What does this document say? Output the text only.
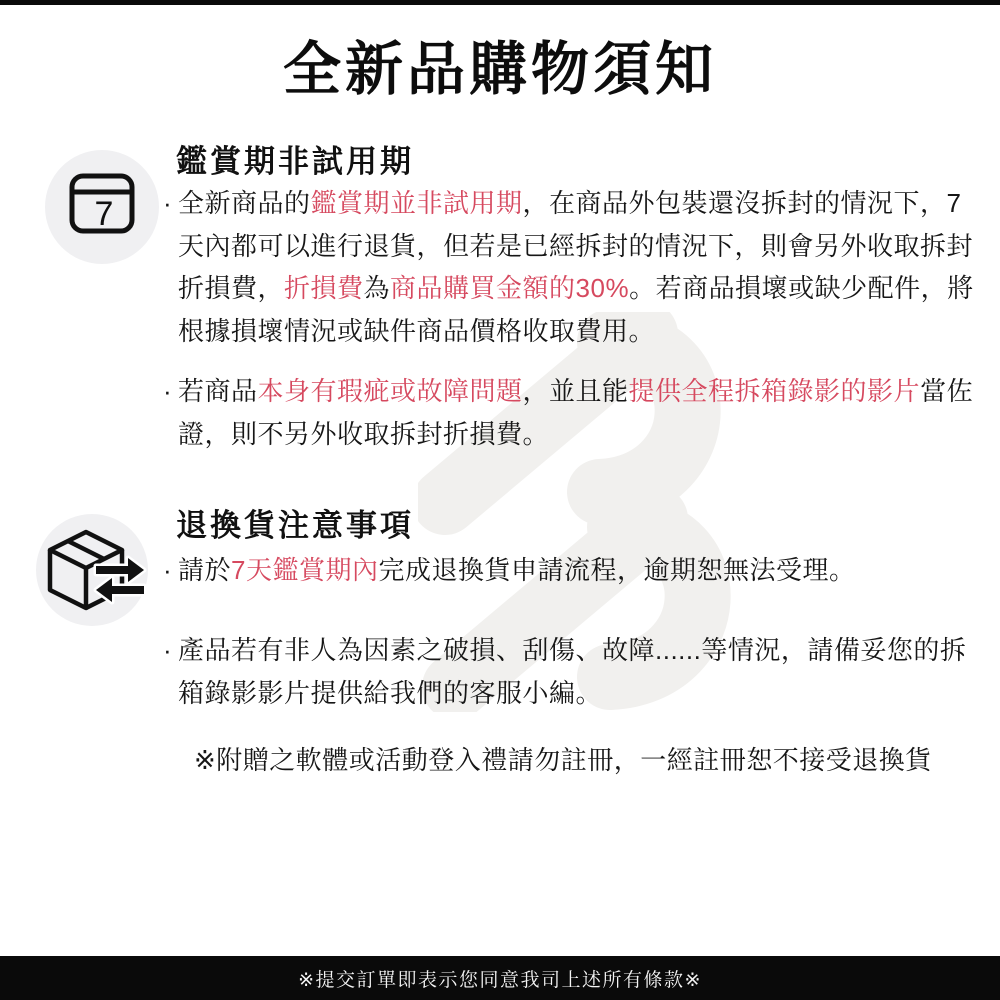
全新品購物須知
7
鑑賞期非試用期
· 全新商品的鑑賞期並非試用期，在商品外包裝還沒拆封的情況下，7天內都可以進行退貨，但若是已經拆封的情況下，則會另外收取拆封折損費，折損費為商品購買金額的30%。若商品損壞或缺少配件，將根據損壞情況或缺件商品價格收取費用。
· 若商品本身有瑕疵或故障問題，並且能提供全程拆箱錄影的影片當佐證，則不另外收取拆封折損費。
退換貨注意事項
· 請於7天鑑賞期內完成退換貨申請流程，逾期恕無法受理。
· 產品若有非人為因素之破損、刮傷、故障......等情況，請備妥您的拆箱錄影影片提供給我們的客服小編。
※附贈之軟體或活動登入禮請勿註冊，一經註冊恕不接受退換貨
※提交訂單即表示您同意我司上述所有條款※
